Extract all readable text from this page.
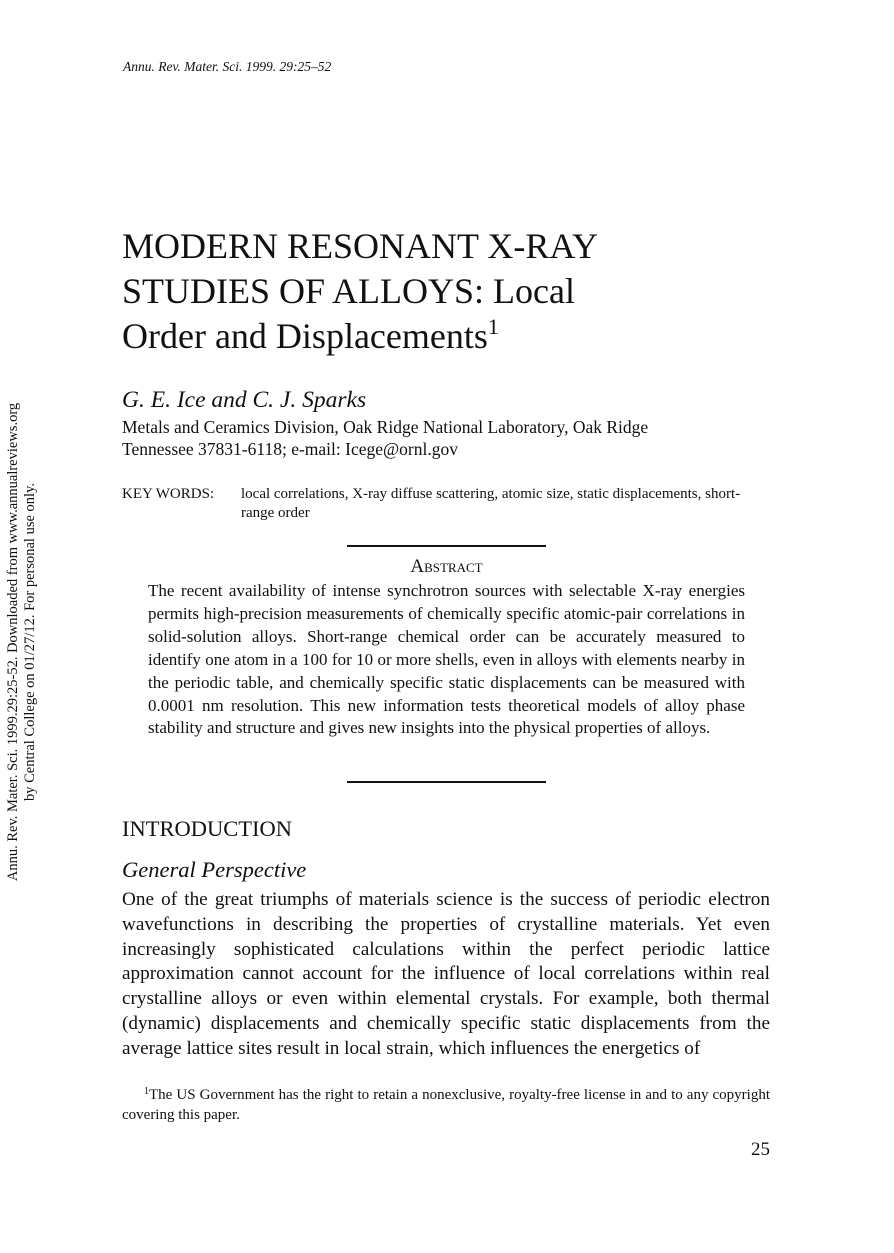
Annu. Rev. Mater. Sci. 1999. 29:25–52
Annu. Rev. Mater. Sci. 1999.29:25-52. Downloaded from www.annualreviews.org by Central College on 01/27/12. For personal use only.
MODERN RESONANT X-RAY
STUDIES OF ALLOYS: Local
Order and Displacements$^1$
G. E. Ice and C. J. Sparks
Metals and Ceramics Division, Oak Ridge National Laboratory, Oak Ridge
Tennessee 37831-6118; e-mail: Icege@ornl.gov
KEY WORDS:	local correlations, X-ray diffuse scattering, atomic size, static displacements, short-range order
Abstract
The recent availability of intense synchrotron sources with selectable X-ray energies permits high-precision measurements of chemically specific atomic-pair correlations in solid-solution alloys. Short-range chemical order can be accurately measured to identify one atom in a 100 for 10 or more shells, even in alloys with elements nearby in the periodic table, and chemically specific static displacements can be measured with 0.0001 nm resolution. This new information tests theoretical models of alloy phase stability and structure and gives new insights into the physical properties of alloys.
INTRODUCTION
General Perspective
One of the great triumphs of materials science is the success of periodic electron wavefunctions in describing the properties of crystalline materials. Yet even increasingly sophisticated calculations within the perfect periodic lattice approximation cannot account for the influence of local correlations within real crystalline alloys or even within elemental crystals. For example, both thermal (dynamic) displacements and chemically specific static displacements from the average lattice sites result in local strain, which influences the energetics of
$^1$The US Government has the right to retain a nonexclusive, royalty-free license in and to any copyright covering this paper.
25
